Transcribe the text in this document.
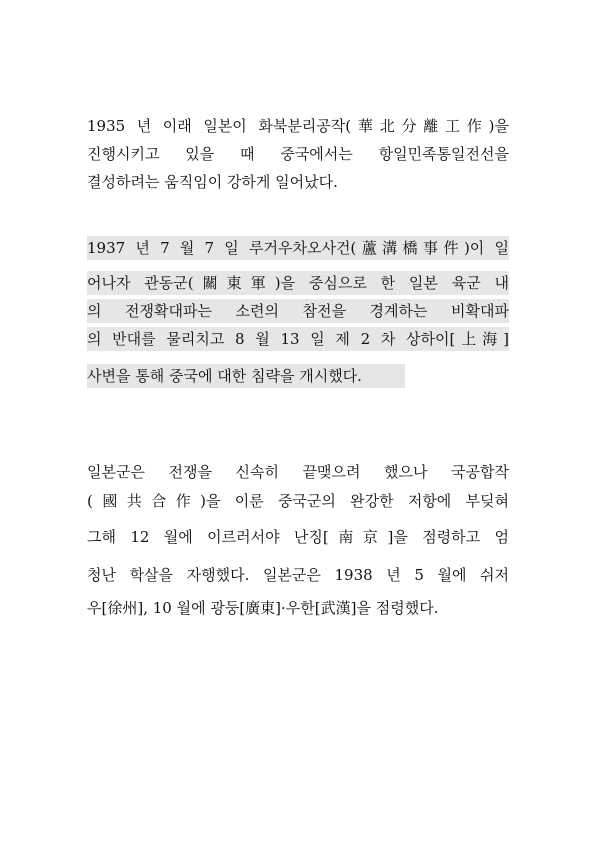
1935 년 이래 일본이 화북분리공작(華北分離工作)을
진행시키고 있을 때 중국에서는 항일민족통일전선을
결성하려는 움직임이 강하게 일어났다.
1937 년 7 월 7 일 루거우차오사건(蘆溝橋事件)이 일
어나자 관동군(關東軍)을 중심으로 한 일본 육군 내
의 전쟁확대파는 소련의 참전을 경계하는 비확대파
의 반대를 물리치고 8 월 13 일 제 2 차 상하이[上海]
사변을 통해 중국에 대한 침략을 개시했다.
일본군은 전쟁을 신속히 끝맺으려 했으나 국공합작
(國共合作)을 이룬 중국군의 완강한 저항에 부딪혀
그해 12 월에 이르러서야 난징[南京]을 점령하고 엄
청난 학살을 자행했다. 일본군은 1938 년 5 월에 쉬저
우[徐州], 10 월에 광둥[廣東]·우한[武漢]을 점령했다.
